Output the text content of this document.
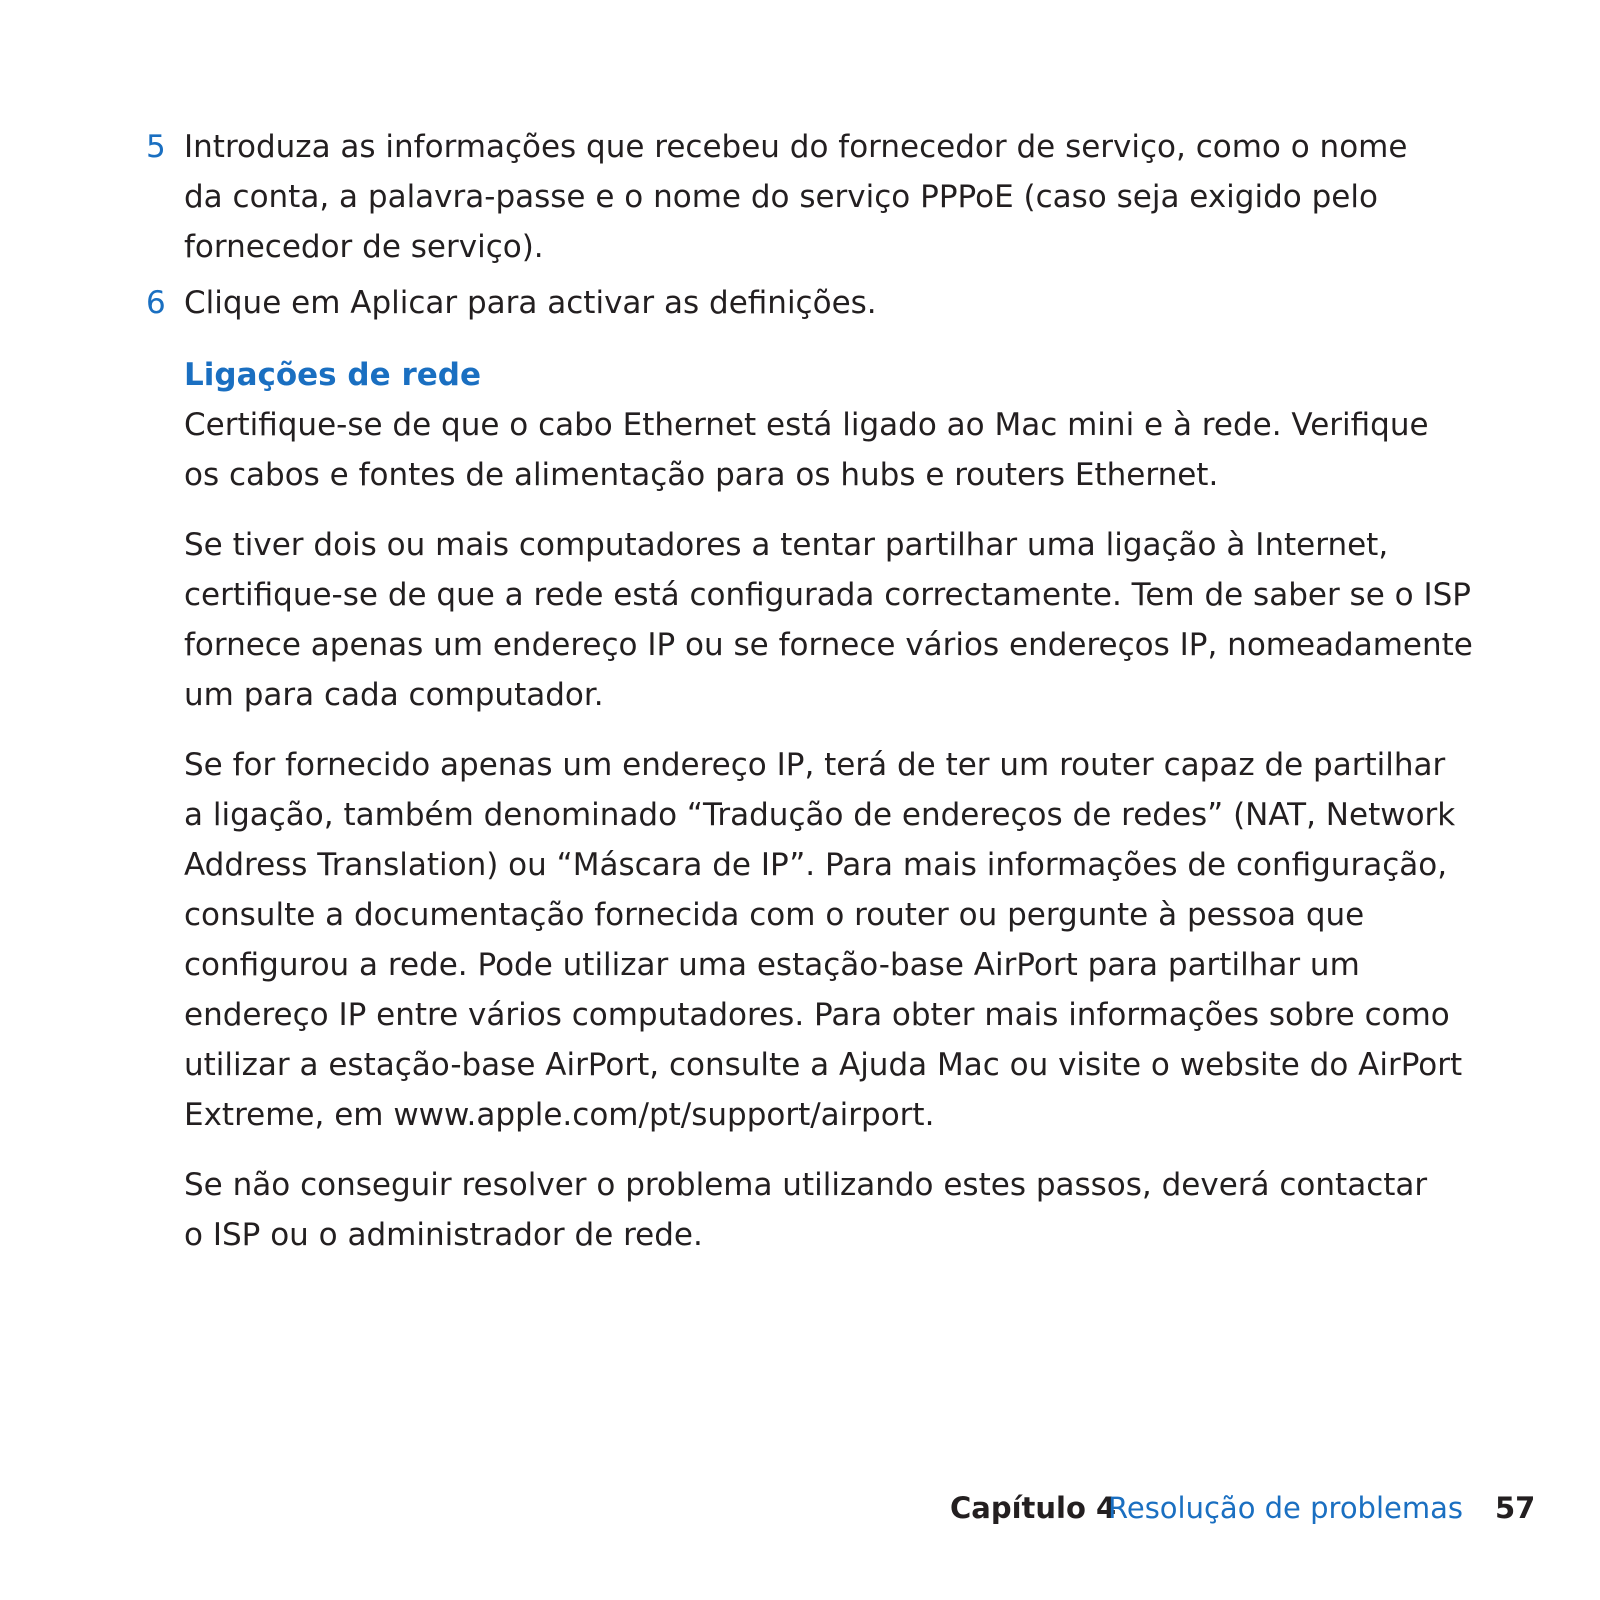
5 Introduza as informações que recebeu do fornecedor de serviço, como o nome da conta, a palavra-passe e o nome do serviço PPPoE (caso seja exigido pelo fornecedor de serviço).
6 Clique em Aplicar para activar as definições.
Ligações de rede

Certifique-se de que o cabo Ethernet está ligado ao Mac mini e à rede. Verifique os cabos e fontes de alimentação para os hubs e routers Ethernet.

Se tiver dois ou mais computadores a tentar partilhar uma ligação à Internet, certifique-se de que a rede está configurada correctamente. Tem de saber se o ISP fornece apenas um endereço IP ou se fornece vários endereços IP, nomeadamente um para cada computador.

Se for fornecido apenas um endereço IP, terá de ter um router capaz de partilhar a ligação, também denominado “Tradução de endereços de redes” (NAT, Network Address Translation) ou “Máscara de IP”. Para mais informações de configuração, consulte a documentação fornecida com o router ou pergunte à pessoa que configurou a rede. Pode utilizar uma estação-base AirPort para partilhar um endereço IP entre vários computadores. Para obter mais informações sobre como utilizar a estação-base AirPort, consulte a Ajuda Mac ou visite o website do AirPort Extreme, em www.apple.com/pt/support/airport.

Se não conseguir resolver o problema utilizando estes passos, deverá contactar o ISP ou o administrador de rede.

Capítulo 4
Resolução de problemas 57
